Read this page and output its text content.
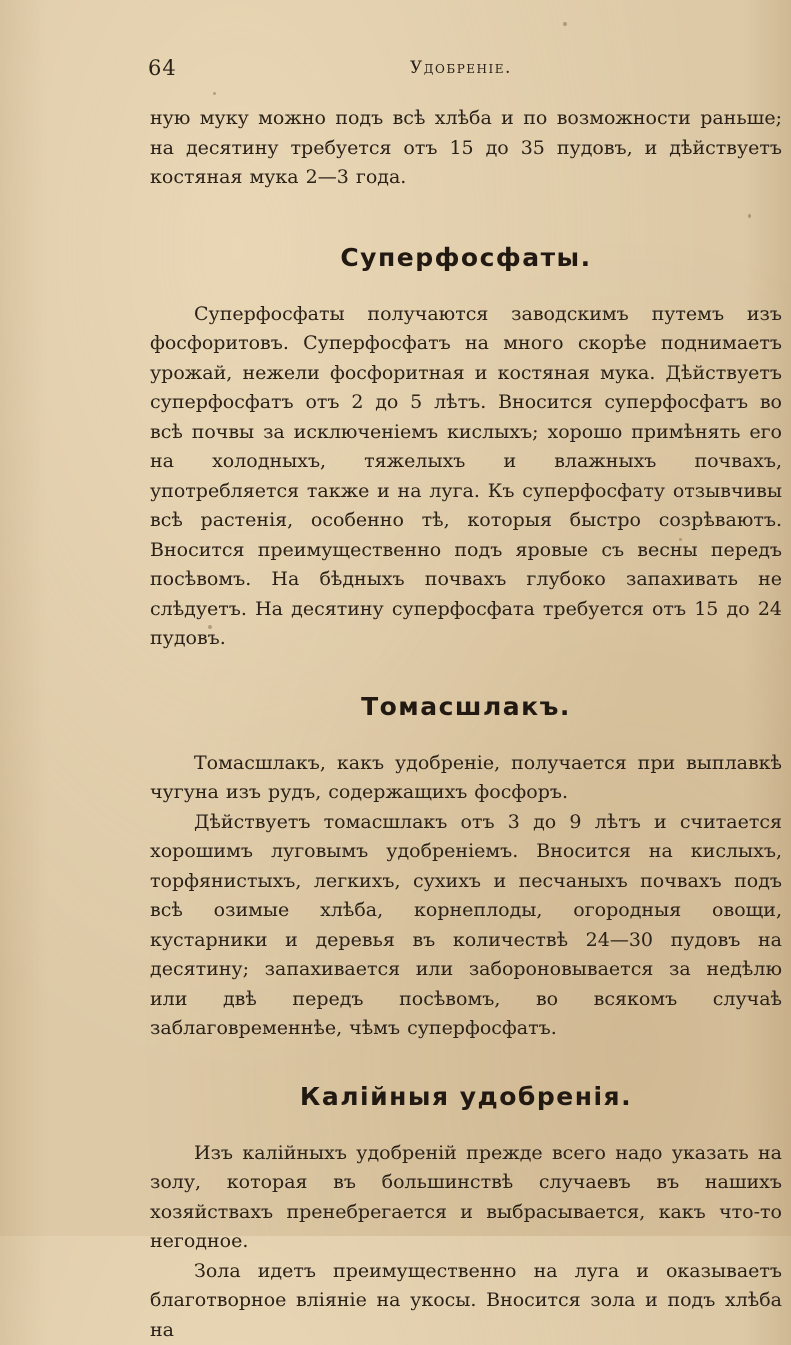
64	Удобреніе.

ную муку можно подъ всѣ хлѣба и по возможности раньше; на десятину требуется отъ 15 до 35 пудовъ, и дѣйствуетъ костяная мука 2—3 года.

Суперфосфаты.

Суперфосфаты получаются заводскимъ путемъ изъ фосфоритовъ. Суперфосфатъ на много скорѣе поднимаетъ урожай, нежели фосфоритная и костяная мука. Дѣйствуетъ суперфосфатъ отъ 2 до 5 лѣтъ. Вносится суперфосфатъ во всѣ почвы за исключеніемъ кислыхъ; хорошо примѣнять его на холодныхъ, тяжелыхъ и влажныхъ почвахъ, употребляется также и на луга. Къ суперфосфату отзывчивы всѣ растенія, особенно тѣ, которыя быстро созрѣваютъ. Вносится преимущественно подъ яровые съ весны передъ посѣвомъ. На бѣдныхъ почвахъ глубоко запахивать не слѣдуетъ. На десятину суперфосфата требуется отъ 15 до 24 пудовъ.

Томасшлакъ.

Томасшлакъ, какъ удобреніе, получается при выплавкѣ чугуна изъ рудъ, содержащихъ фосфоръ.

Дѣйствуетъ томасшлакъ отъ 3 до 9 лѣтъ и считается хорошимъ луговымъ удобреніемъ. Вносится на кислыхъ, торфянистыхъ, легкихъ, сухихъ и песчаныхъ почвахъ подъ всѣ озимые хлѣба, корнеплоды, огородныя овощи, кустарники и деревья въ количествѣ 24—30 пудовъ на десятину; запахивается или забороновывается за недѣлю или двѣ передъ посѣвомъ, во всякомъ случаѣ заблаговременнѣе, чѣмъ суперфосфатъ.

Калійныя удобренія.

Изъ калійныхъ удобреній прежде всего надо указать на золу, которая въ большинствѣ случаевъ въ нашихъ хозяйствахъ пренебрегается и выбрасывается, какъ что-то негодное.

Зола идетъ преимущественно на луга и оказываетъ благотворное вліяніе на укосы. Вносится зола и подъ хлѣба на
